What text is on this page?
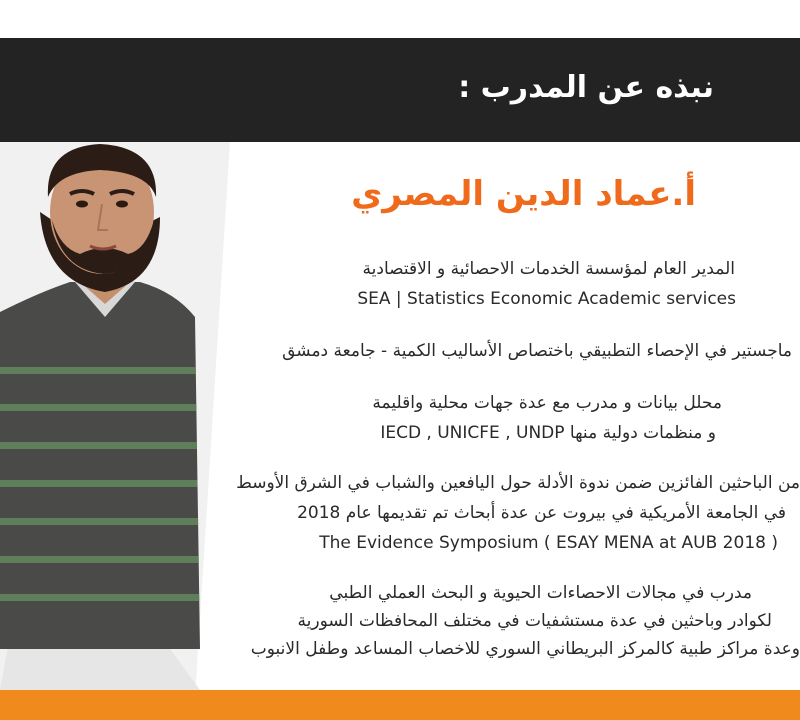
نبذه عن المدرب :
أ.عماد الدين المصري
المدير العام لمؤسسة الخدمات الاحصائية و الاقتصادية
SEA | Statistics Economic Academic services
ماجستير في الإحصاء التطبيقي باختصاص الأساليب الكمية - جامعة دمشق
محلل بيانات و مدرب مع عدة جهات محلية واقليمة
و منظمات دولية منها IECD , UNICFE , UNDP
من الباحثين الفائزين ضمن ندوة الأدلة حول اليافعين والشباب في الشرق الأوسط
في الجامعة الأمريكية في بيروت عن عدة أبحاث تم تقديمها عام 2018
( The Evidence Symposium ( ESAY MENA at AUB 2018
مدرب في مجالات الاحصاءات الحيوية و البحث العملي الطبي
لكوادر وباحثين في عدة مستشفيات في مختلف المحافظات السورية
وعدة مراكز طبية كالمركز البريطاني السوري للاخصاب المساعد وطفل الانبوب
